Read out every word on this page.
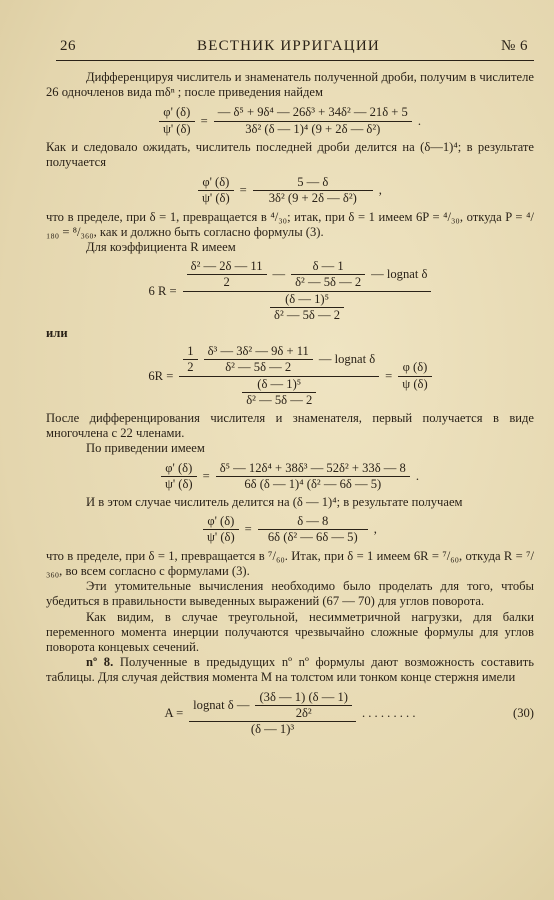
26	ВЕСТНИК ИРРИГАЦИИ	№ 6

Дифференцируя числитель и знаменатель полученной дроби, получим в числителе 26 одночленов вида mδⁿ ; после приведения найдем

$\frac{\varphi' (\delta)}{\psi' (\delta)} = \frac{\text{— δ⁵ + 9δ⁴ — 26δ³ + 34δ² — 21δ + 5}}{\text{3δ² (δ — 1)⁴ (9 + 2δ — δ²)}}$ .

Как и следовало ожидать, числитель последней дроби делится на (δ—1)⁴; в результате получается

$\frac{\varphi' (\delta)}{\psi' (\delta)} = \frac{5 — \delta}{\text{3δ² (9 + 2δ — δ²)}}$ ,

что в пределе, при δ = 1, превращается в ⁴/₃₀; итак, при δ = 1 имеем 6P = ⁴/₃₀, откуда P = ⁴/₁₈₀ = ⁸/₃₆₀, как и должно быть согласно формулы (3).

Для коэффициента R имеем

6 $R = \frac{\text{δ² — 2δ — 11}}{2}$ — $\frac{\delta — 1}{\text{δ² — 5δ — 2}}$ — lognat δ
$\frac{\text{(δ — 1)⁵}}{\text{δ² — 5δ — 2}}$

или

$6R = \frac{1}{2} \frac{\text{δ³ — 3δ² — 9δ + 11}}{\text{δ² — 5δ — 2}}$ — lognat δ
$\frac{\text{(δ — 1)⁵}}{\text{δ² — 5δ — 2}}$
= $\frac{\varphi (\delta)}{\psi (\delta)}$

После дифференцирования числителя и знаменателя, первый получается в виде многочлена с 22 членами.

По приведении имеем

$\frac{\varphi' (\delta)}{\psi' (\delta)} = \frac{\text{δ⁵ — 12δ⁴ + 38δ³ — 52δ² + 33δ — 8}}{\text{6δ (δ — 1)⁴ (δ² — 6δ — 5)}}$ .

И в этом случае числитель делится на (δ — 1)⁴; в результате получаем

$\frac{\varphi' (\delta)}{\psi' (\delta)} = \frac{\delta — 8}{\text{6δ (δ² — 6δ — 5)}}$ ,

что в пределе, при δ = 1, превращается в ⁷/₆₀. Итак, при δ = 1 имеем 6R = ⁷/₆₀, откуда R = ⁷/₃₆₀, во всем согласно с формулами (3).

Эти утомительные вычисления необходимо было проделать для того, чтобы убедиться в правильности выведенных выражений (67 — 70) для углов поворота.

Как видим, в случае треугольной, несимметричной нагрузки, для балки переменного момента инерции получаются чрезвычайно сложные формулы для углов поворота концевых сечений.

nº 8. Полученные в предыдущих nº nº формулы дают возможность составить таблицы. Для случая действия момента M на толстом или тонком конце стержня имели

$A = \frac{lognat \delta — \frac{(3\delta — 1) (\delta — 1)}{\text{2δ²}}}{\text{(δ — 1)³}}$ . . . . . . . . .	(30)
